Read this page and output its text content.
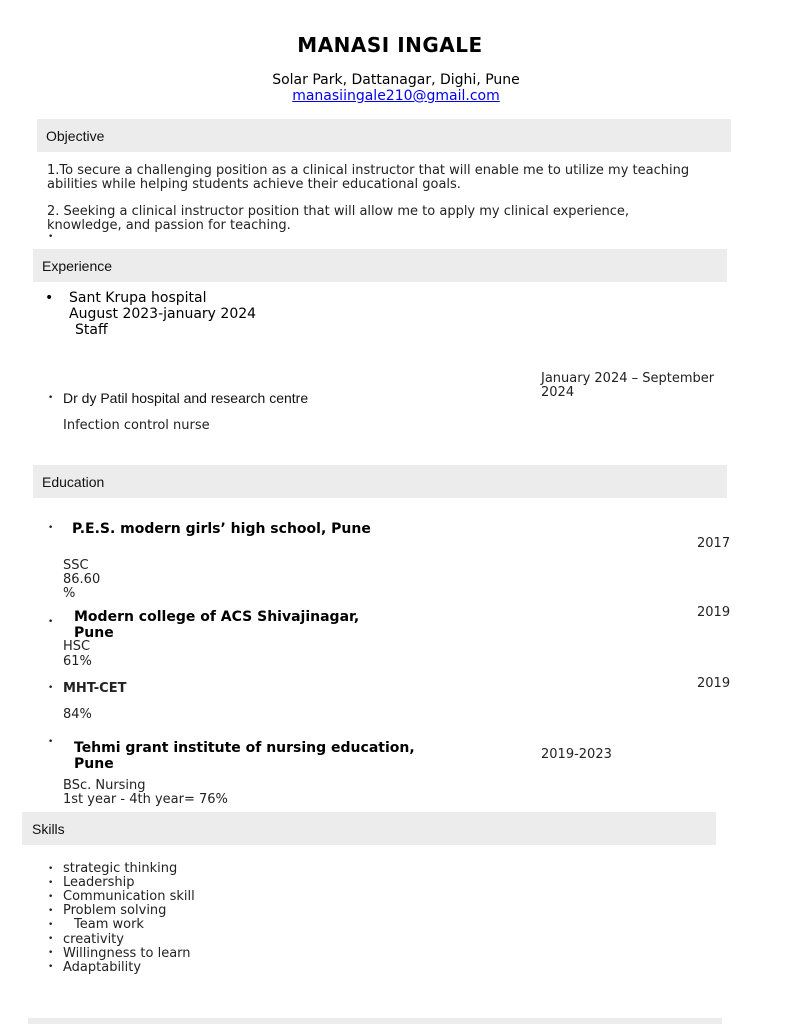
MANASI INGALE
Solar Park, Dattanagar, Dighi, Pune
manasiingale210@gmail.com
Objective
1.To secure a challenging position as a clinical instructor that will enable me to utilize my teaching
abilities while helping students achieve their educational goals.
2. Seeking a clinical instructor position that will allow me to apply my clinical experience,
knowledge, and passion for teaching.
•
Experience
• Sant Krupa hospital
August 2023-january 2024
Staff
January 2024 – September
2024
• Dr dy Patil hospital and research centre
Infection control nurse
Education
• P.E.S. modern girls’ high school, Pune
2017
SSC
86.60
%
2019
• Modern college of ACS Shivajinagar,
Pune
HSC
61%
2019
• MHT-CET
84%
• Tehmi grant institute of nursing education,
Pune
2019-2023
BSc. Nursing
1st year - 4th year= 76%
Skills
• strategic thinking
• Leadership
• Communication skill
• Problem solving
• Team work
• creativity
• Willingness to learn
• Adaptability
